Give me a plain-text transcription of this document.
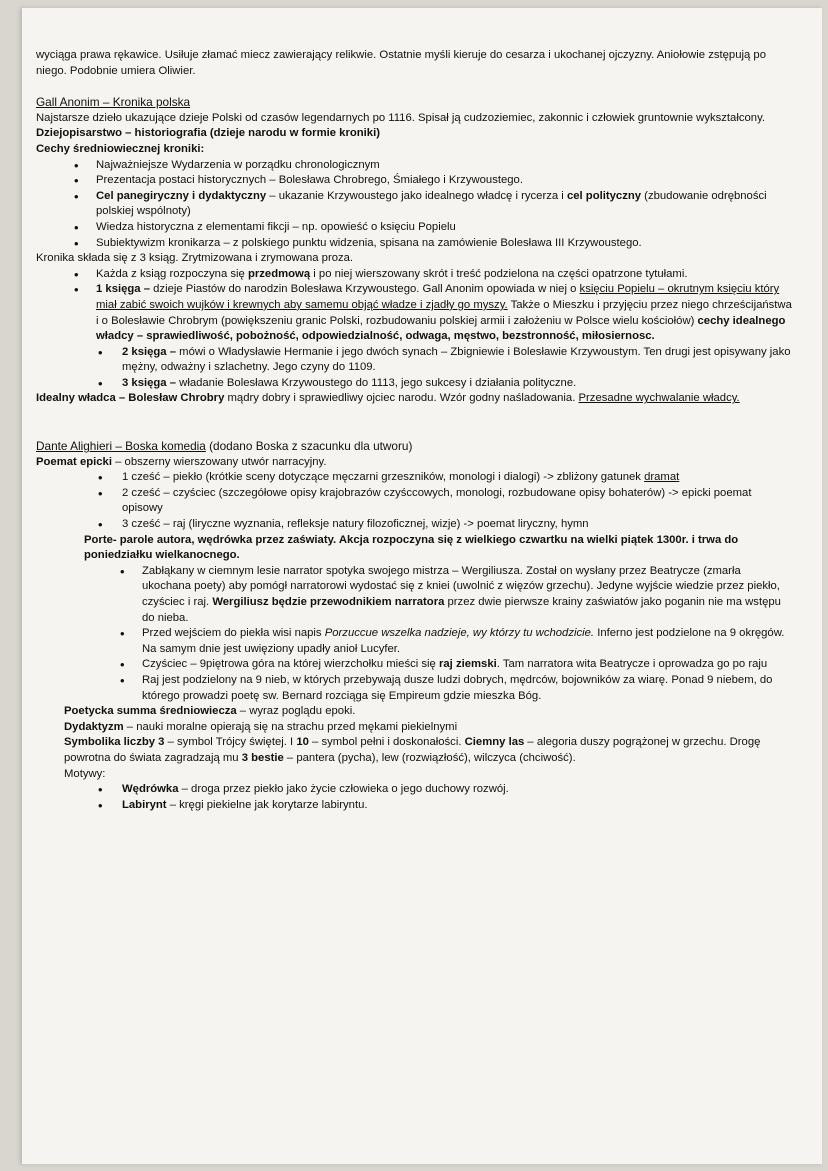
wyciąga prawa rękawice. Usiłuje złamać miecz zawierający relikwie. Ostatnie myśli kieruje do cesarza i ukochanej ojczyzny. Aniołowie zstępują po niego. Podobnie umiera Oliwier.

Gall Anonim – Kronika polska

Najstarsze dzieło ukazujące dzieje Polski od czasów legendarnych po 1116. Spisał ją cudzoziemiec, zakonnic i człowiek gruntownie wykształcony.

Dziejopisarstwo – historiografia (dzieje narodu w formie kroniki)

Cechy średniowiecznej kroniki:

• Najważniejsze Wydarzenia w porządku chronologicznym
• Prezentacja postaci historycznych – Bolesława Chrobrego, Śmiałego i Krzywoustego.
• Cel panegiryczny i dydaktyczny – ukazanie Krzywoustego jako idealnego władcę i rycerza i cel polityczny (zbudowanie odrębności polskiej wspólnoty)
• Wiedza historyczna z elementami fikcji – np. opowieść o księciu Popielu
• Subiektywizm kronikarza – z polskiego punktu widzenia, spisana na zamówienie Bolesława III Krzywoustego.

Kronika składa się z 3 ksiąg. Zrytmizowana i zrymowana proza.

• Każda z ksiąg rozpoczyna się przedmową i po niej wierszowany skrót i treść podzielona na części opatrzone tytułami.
• 1 księga – dzieje Piastów do narodzin Bolesława Krzywoustego. Gall Anonim opowiada w niej o księciu Popielu – okrutnym księciu który miał zabić swoich wujków i krewnych aby samemu objąć władze i zjadły go myszy. Także o Mieszku i przyjęciu przez niego chrześcijaństwa i o Bolesławie Chrobrym (powiększeniu granic Polski, rozbudowaniu polskiej armii i założeniu w Polsce wielu kościołów) cechy idealnego władcy – sprawiedliwość, pobożność, odpowiedzialność, odwaga, męstwo, bezstronność, miłosiernosc.
• 2 księga – mówi o Władysławie Hermanie i jego dwóch synach – Zbigniewie i Bolesławie Krzywoustym. Ten drugi jest opisywany jako mężny, odważny i szlachetny. Jego czyny do 1109.
• 3 księga – władanie Bolesława Krzywoustego do 1113, jego sukcesy i działania polityczne.

Idealny władca – Bolesław Chrobry mądry dobry i sprawiedliwy ojciec narodu. Wzór godny naśladowania. Przesadne wychwalanie władcy.

Dante Alighieri – Boska komedia (dodano Boska z szacunku dla utworu)

Poemat epicki – obszerny wierszowany utwór narracyjny.

• 1 cześć – piekło (krótkie sceny dotyczące męczarni grzeszników, monologi i dialogi) -> zbliżony gatunek dramat
• 2 cześć – czyściec (szczegółowe opisy krajobrazów czyśccowych, monologi, rozbudowane opisy bohaterów) -> epicki poemat opisowy
• 3 cześć – raj (liryczne wyznania, refleksje natury filozoficznej, wizje) -> poemat liryczny, hymn

Porte- parole autora, wędrówka przez zaświaty. Akcja rozpoczyna się z wielkiego czwartku na wielki piątek 1300r. i trwa do poniedziałku wielkanocnego.

• Zabłąkany w ciemnym lesie narrator spotyka swojego mistrza – Wergiliusza. Został on wysłany przez Beatrycze (zmarła ukochana poety) aby pomógł narratorowi wydostać się z kniei (uwolnić z więzów grzechu). Jedyne wyjście wiedzie przez piekło, czyściec i raj. Wergiliusz będzie przewodnikiem narratora przez dwie pierwsze krainy zaświatów jako poganin nie ma wstępu do nieba.
• Przed wejściem do piekła wisi napis Porzuccue wszelka nadzieje, wy którzy tu wchodzicie. Inferno jest podzielone na 9 okręgów. Na samym dnie jest uwięziony upadły anioł Lucyfer.
• Czyściec – 9piętrowa góra na której wierzchołku mieści się raj ziemski. Tam narratora wita Beatrycze i oprowadza go po raju
• Raj jest podzielony na 9 nieb, w których przebywają dusze ludzi dobrych, mędrców, bojowników za wiarę. Ponad 9 niebem, do którego prowadzi poetę sw. Bernard rozciąga się Empireum gdzie mieszka Bóg.

Poetycka summa średniowiecza – wyraz poglądu epoki.

Dydaktyzm – nauki moralne opierają się na strachu przed mękami piekielnymi

Symbolika liczby 3 – symbol Trójcy świętej. I 10 – symbol pełni i doskonałości. Ciemny las – alegoria duszy pogrążonej w grzechu. Drogę powrotna do świata zagradzają mu 3 bestie – pantera (pycha), lew (rozwiązłość), wilczyca (chciwość).

Motywy:

• Wędrówka – droga przez piekło jako życie człowieka o jego duchowy rozwój.
• Labirynt – kręgi piekielne jak korytarze labiryntu.
